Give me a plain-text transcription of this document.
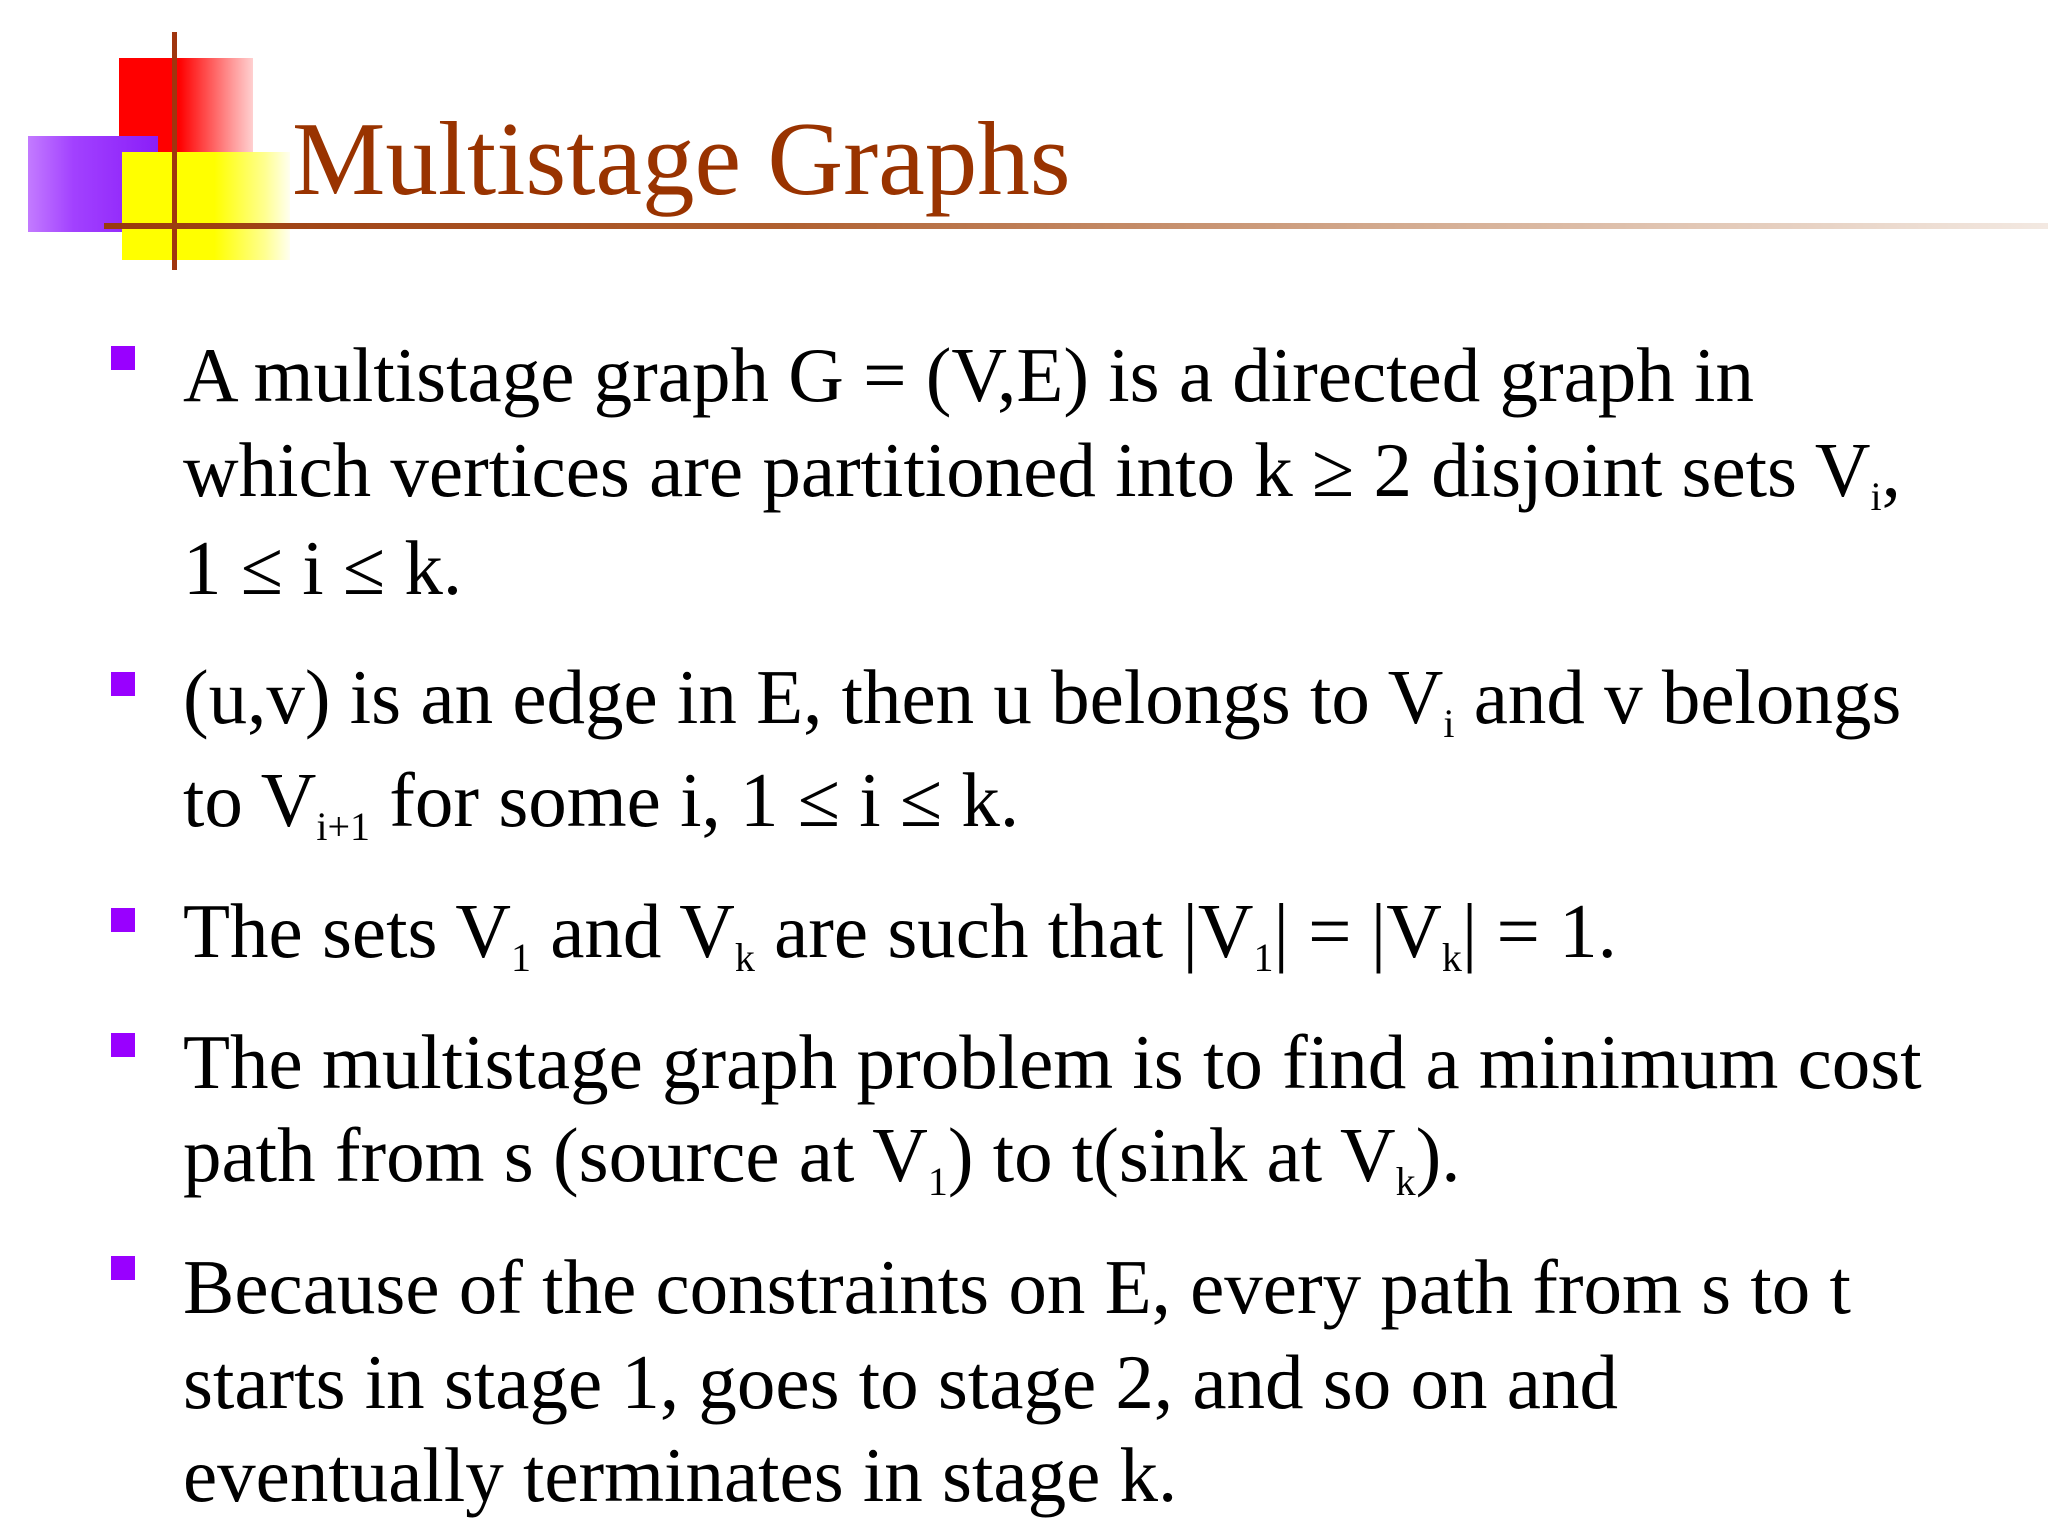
Multistage Graphs

A multistage graph G = (V,E) is a directed graph in

which vertices are partitioned into k ≥ 2 disjoint sets $V_i$,

1 ≤ i ≤ k.

(u,v) is an edge in E, then u belongs to $V_i$ and v belongs

to $V_{i+1}$ for some i, 1 ≤ i ≤ k.

The sets $V_1$ and $V_k$ are such that $|V_1| = |V_k| = 1$.

The multistage graph problem is to find a minimum cost

path from s (source at $V_1$) to t(sink at $V_k$).

Because of the constraints on E, every path from s to t

starts in stage 1, goes to stage 2, and so on and

eventually terminates in stage k.
